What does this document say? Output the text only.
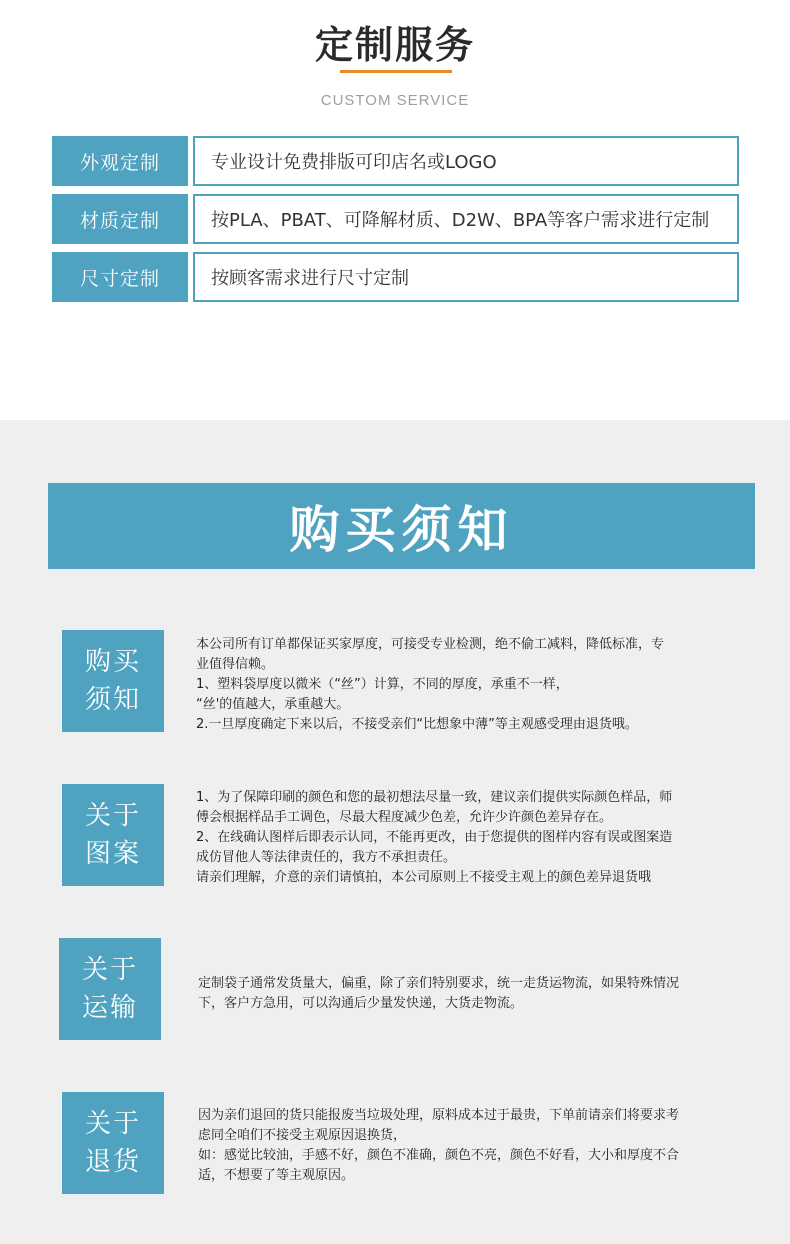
定制服务
CUSTOM SERVICE
外观定制	专业设计免费排版可印店名或LOGO
材质定制	按PLA、PBAT、可降解材质、D2W、BPA等客户需求进行定制
尺寸定制	按顾客需求进行尺寸定制
购买须知
购买
须知

本公司所有订单都保证买家厚度，可接受专业检测，绝不偷工减料，降低标准，专

业值得信赖。

1、塑料袋厚度以微米（“丝”）计算，不同的厚度，承重不一样，

“丝'的值越大，承重越大。

2.一旦厚度确定下来以后，不接受亲们“比想象中薄”等主观感受理由退货哦。

关于
图案

1、为了保障印刷的颜色和您的最初想法尽量一致，建议亲们提供实际颜色样品，师

傅会根据样品手工调色，尽最大程度减少色差，允许少许颜色差异存在。

2、在线确认图样后即表示认同，不能再更改，由于您提供的图样内容有误或图案造

成仿冒他人等法律责任的，我方不承担责任。

请亲们理解，介意的亲们请慎拍，本公司原则上不接受主观上的颜色差异退货哦

关于
运输

定制袋子通常发货量大，偏重，除了亲们特别要求，统一走货运物流，如果特殊情况

下，客户方急用，可以沟通后少量发快递，大货走物流。

关于
退货

因为亲们退回的货只能报废当垃圾处理，原料成本过于最贵，下单前请亲们将要求考

虑同全咱们不接受主观原因退换货，

如：感觉比较油，手感不好，颜色不准确，颜色不亮，颜色不好看，大小和厚度不合

适，不想要了等主观原因。
